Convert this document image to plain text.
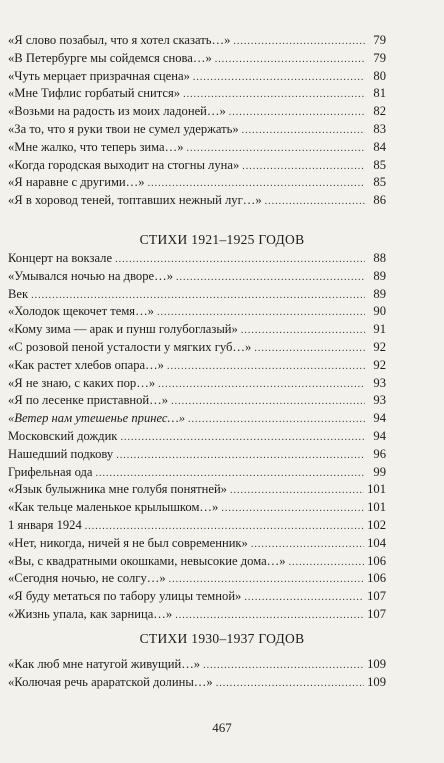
«Я слово позабыл, что я хотел сказать…» .....	79
«В Петербурге мы сойдемся снова…» .....	79
«Чуть мерцает призрачная сцена» .....	80
«Мне Тифлис горбатый снится» .....	81
«Возьми на радость из моих ладоней…» .....	82
«За то, что я руки твои не сумел удержать» .....	83
«Мне жалко, что теперь зима…» .....	84
«Когда городская выходит на стогны луна» .....	85
«Я наравне с другими…» .....	85
«Я в хоровод теней, топтавших нежный луг…» .....	86
СТИХИ 1921–1925 ГОДОВ
Концерт на вокзале .....	88
«Умывался ночью на дворе…» .....	89
Век .....	89
«Холодок щекочет темя…» .....	90
«Кому зима — арак и пунш голубоглазый» .....	91
«С розовой пеной усталости у мягких губ…» .....	92
«Как растет хлебов опара…» .....	92
«Я не знаю, с каких пор…» .....	93
«Я по лесенке приставной…» .....	93
«Ветер нам утешенье принес…» .....	94
Московский дождик .....	94
Нашедший подкову .....	96
Грифельная ода .....	99
«Язык булыжника мне голубя понятней» .....	101
«Как тельце маленькое крылышком…» .....	101
1 января 1924 .....	102
«Нет, никогда, ничей я не был современник» .....	104
«Вы, с квадратными окошками, невысокие дома…» .....	106
«Сегодня ночью, не солгу…» .....	106
«Я буду метаться по табору улицы темной» .....	107
«Жизнь упала, как зарница…» .....	107
СТИХИ 1930–1937 ГОДОВ
«Как люб мне натугой живущий…» .....	109
«Колючая речь араратской долины…» .....	109
467
